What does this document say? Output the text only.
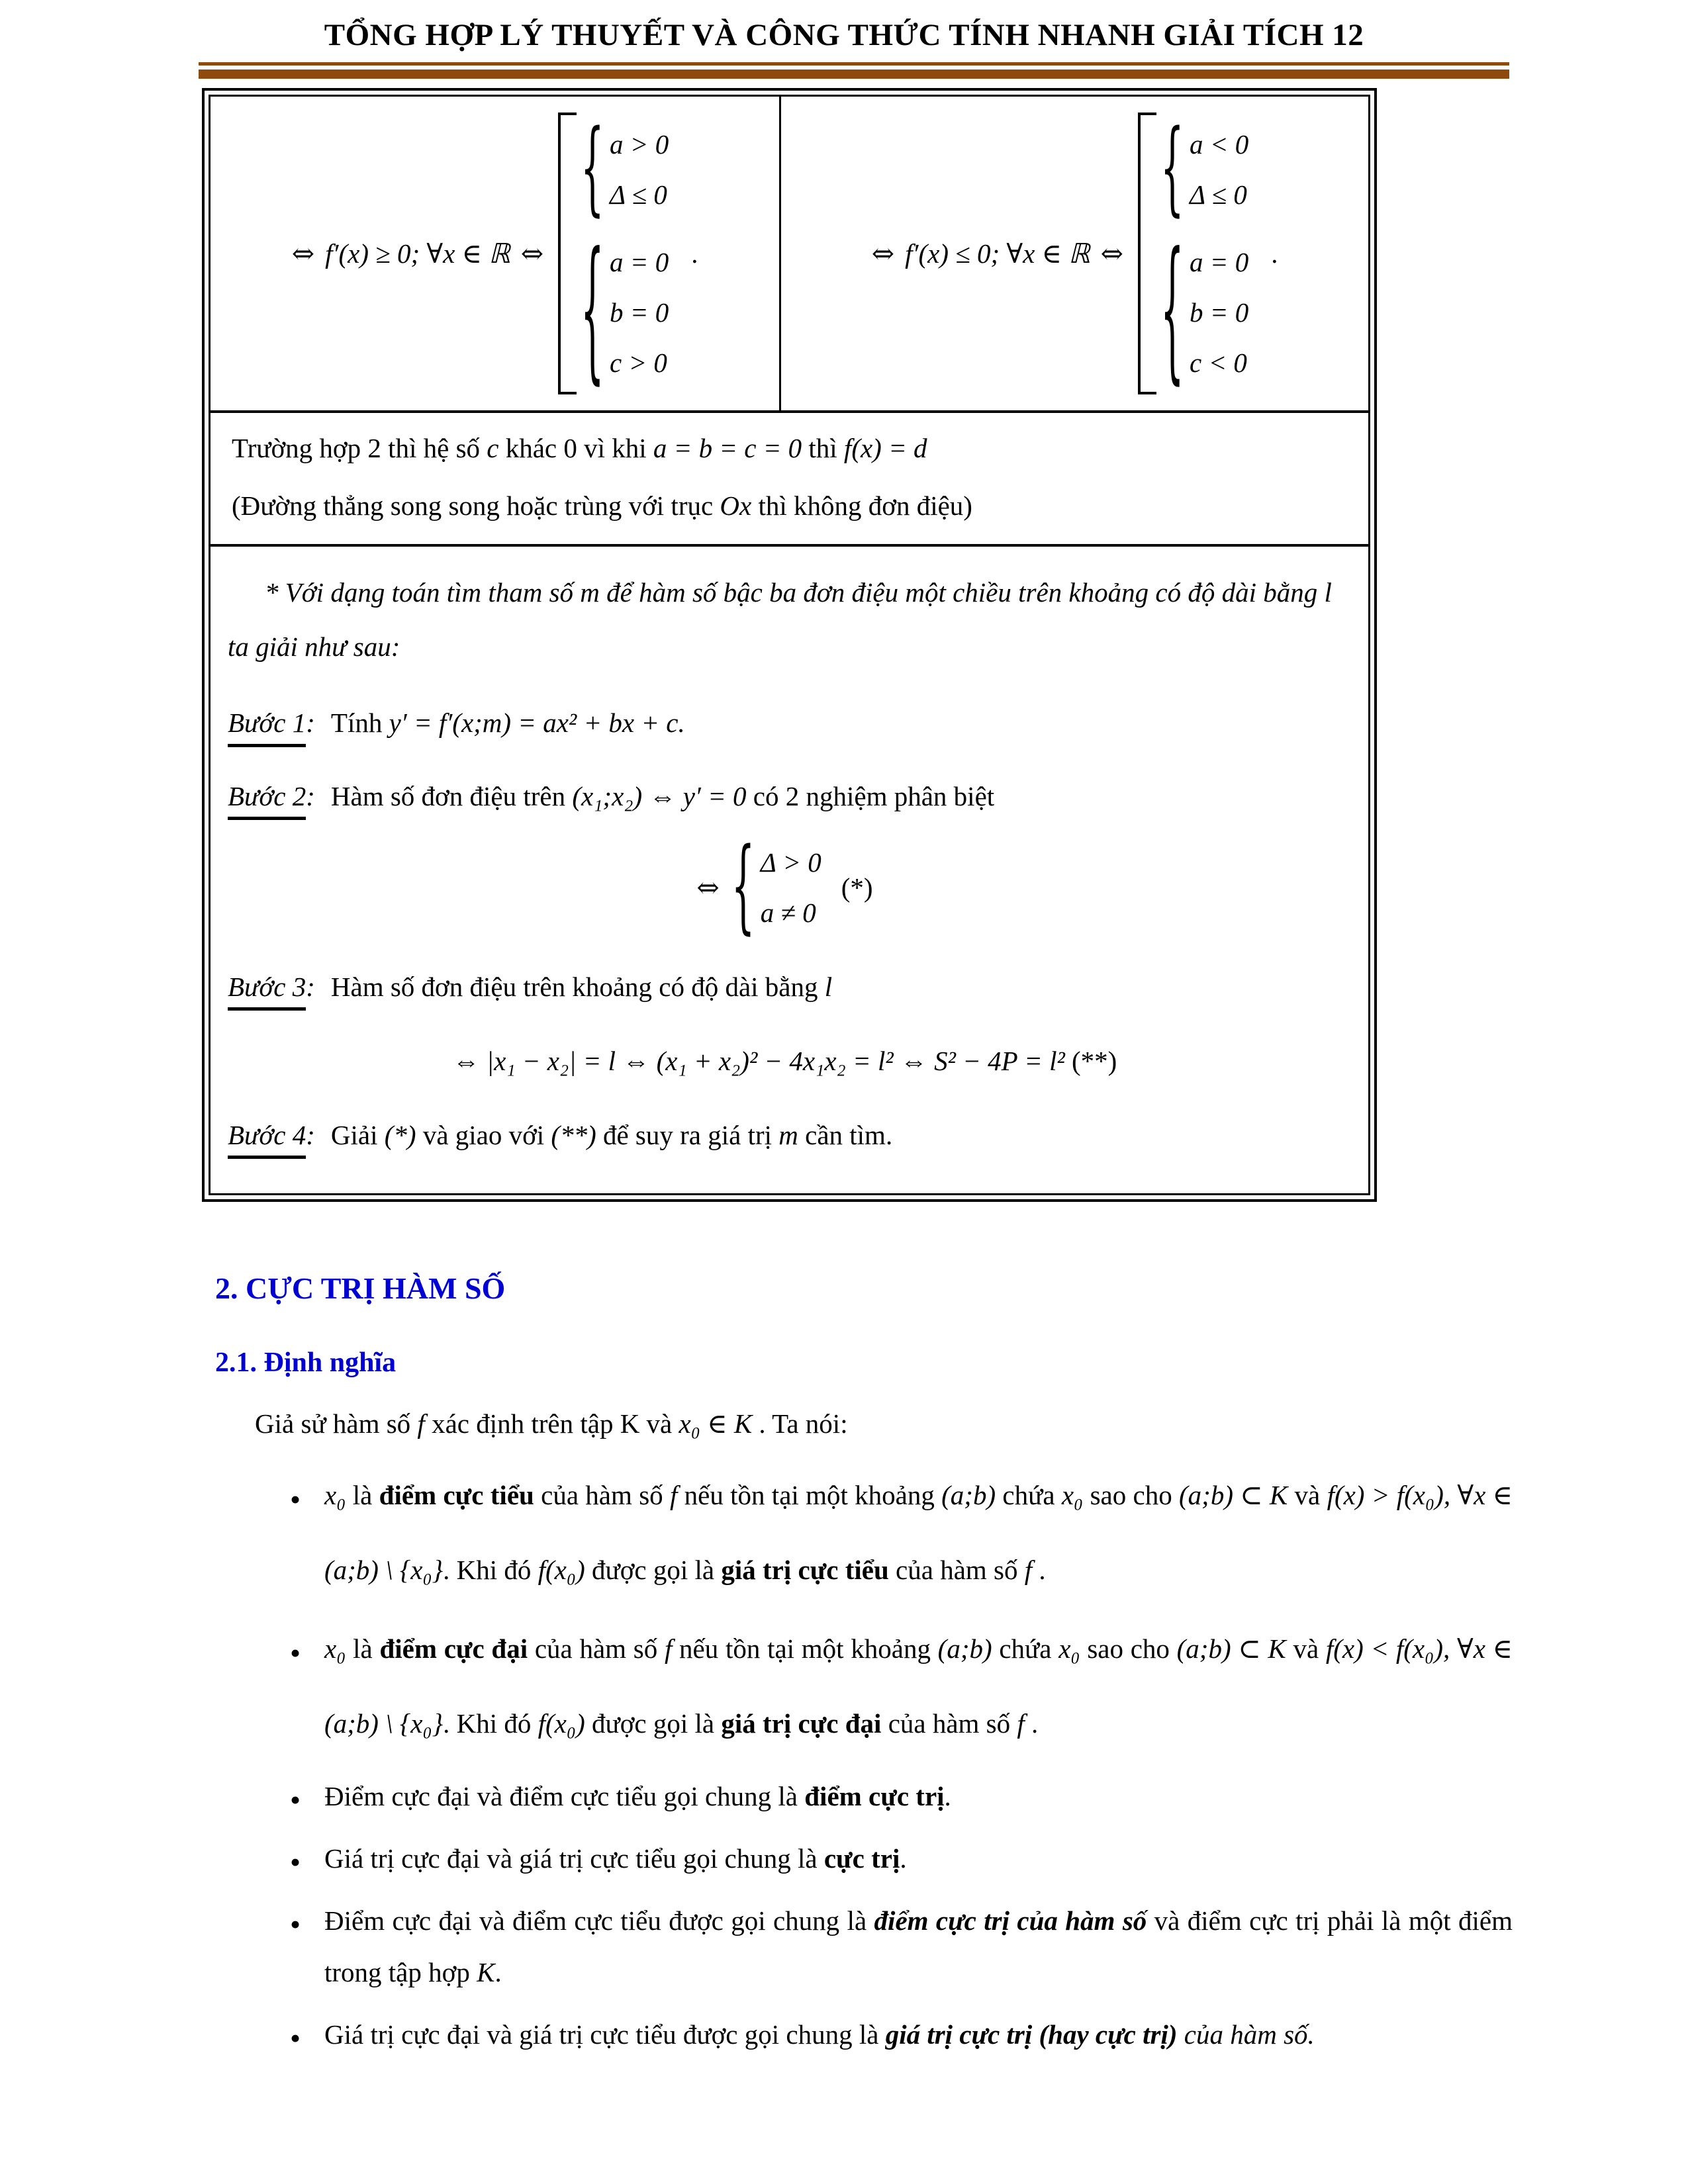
TỔNG HỢP LÝ THUYẾT VÀ CÔNG THỨC TÍNH NHANH GIẢI TÍCH 12
⇔ f′(x) ≥ 0; ∀x ∈ ℝ ⇔
{ a > 0
Δ ≤ 0
{ a = 0
b = 0
c > 0
.	⇔ f′(x) ≤ 0; ∀x ∈ ℝ ⇔
{ a < 0
Δ ≤ 0
{ a = 0
b = 0
c < 0
.
Trường hợp 2 thì hệ số c khác 0 vì khi a = b = c = 0 thì f(x) = d
(Đường thẳng song song hoặc trùng với trục Ox thì không đơn điệu)
* Với dạng toán tìm tham số m để hàm số bậc ba đơn điệu một chiều trên khoảng có độ dài bằng l ta giải như sau:
Bước 1: Tính y′ = f′(x;m) = ax² + bx + c.
Bước 2: Hàm số đơn điệu trên (x₁;x₂) ⇔ y′ = 0 có 2 nghiệm phân biệt
⇔ { Δ > 0
a ≠ 0
(*)
Bước 3: Hàm số đơn điệu trên khoảng có độ dài bằng l
⇔ |x₁ − x₂| = l ⇔ (x₁ + x₂)² − 4x₁x₂ = l² ⇔ S² − 4P = l² (**)
Bước 4: Giải (*) và giao với (**) để suy ra giá trị m cần tìm.
2. CỰC TRỊ HÀM SỐ
2.1. Định nghĩa
Giả sử hàm số f xác định trên tập K và x₀ ∈ K . Ta nói:
• x₀ là điểm cực tiểu của hàm số f nếu tồn tại một khoảng (a;b) chứa x₀ sao cho (a;b) ⊂ K và f(x) > f(x₀), ∀x ∈ (a;b) \ {x₀}. Khi đó f(x₀) được gọi là giá trị cực tiểu của hàm số f .
• x₀ là điểm cực đại của hàm số f nếu tồn tại một khoảng (a;b) chứa x₀ sao cho (a;b) ⊂ K và f(x) < f(x₀), ∀x ∈ (a;b) \ {x₀}. Khi đó f(x₀) được gọi là giá trị cực đại của hàm số f .
• Điểm cực đại và điểm cực tiểu gọi chung là điểm cực trị.
• Giá trị cực đại và giá trị cực tiểu gọi chung là cực trị.
• Điểm cực đại và điểm cực tiểu được gọi chung là điểm cực trị của hàm số và điểm cực trị phải là một điểm trong tập hợp K.
• Giá trị cực đại và giá trị cực tiểu được gọi chung là giá trị cực trị (hay cực trị) của hàm số.
